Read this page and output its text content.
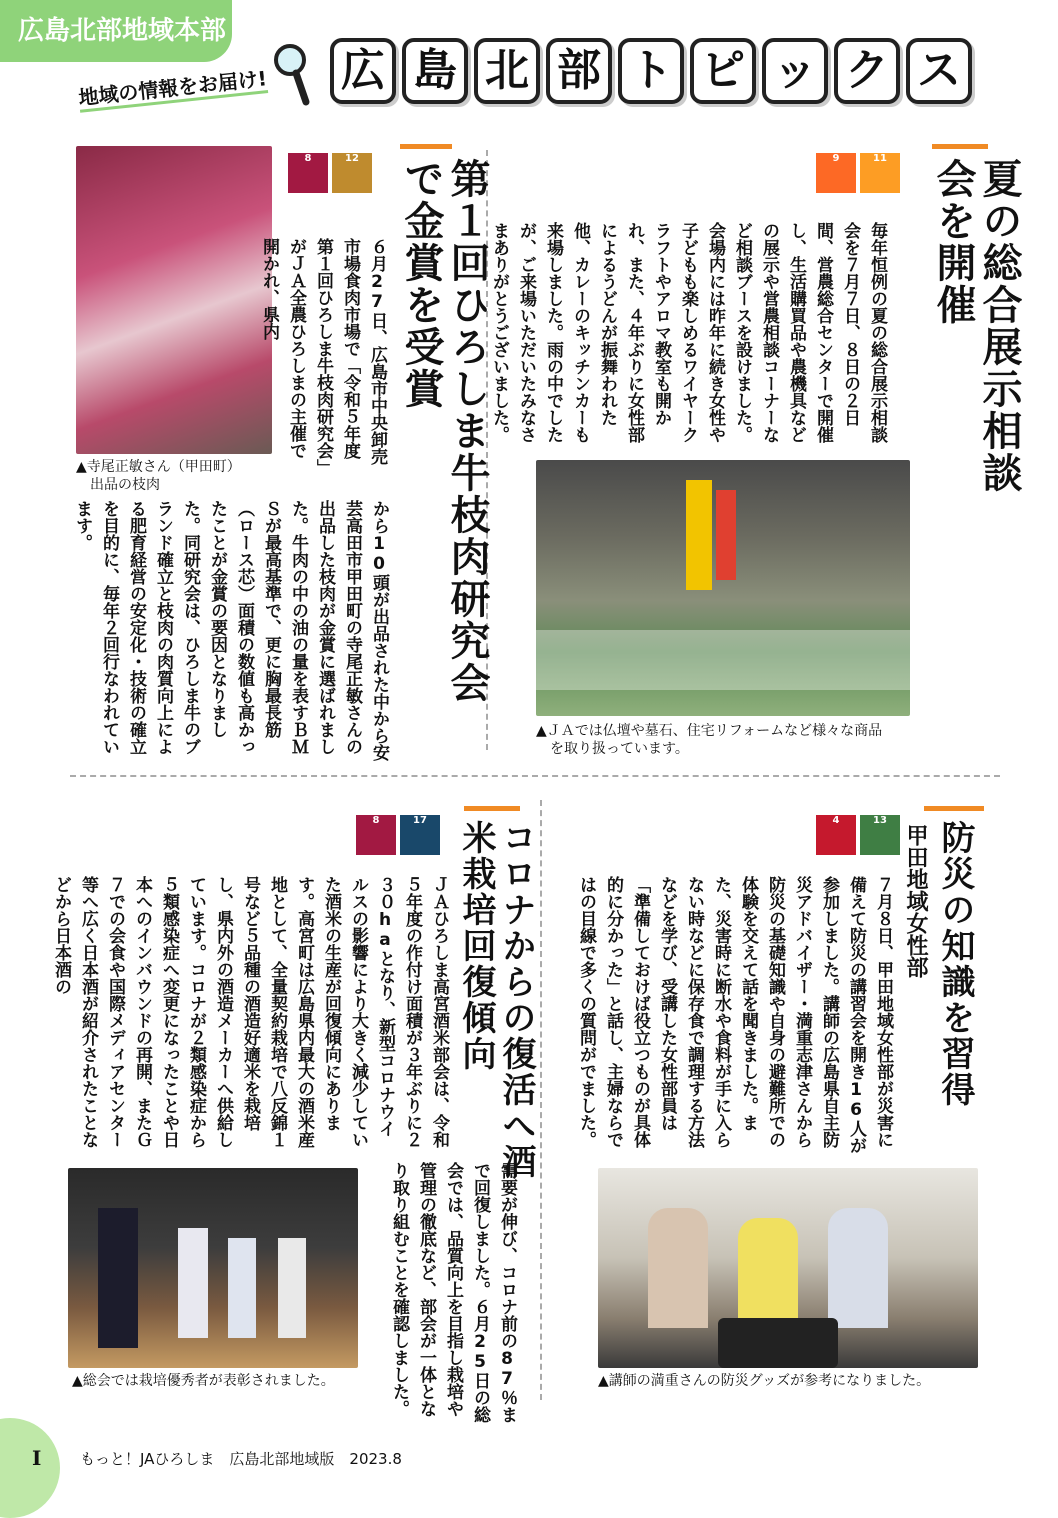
広島北部地域本部
地域の情報をお届け! 広 島 北 部 ト ピ ッ ク ス
▲寺尾正敏さん（甲田町）
出品の枝肉
8	12	第１回ひろしま牛枝肉研究会で金賞を受賞
６月27日、広島市中央卸売市場食肉市場で「令和５年度　第１回ひろしま牛枝肉研究会」がＪＡ全農ひろしまの主催で開かれ、県内
から10頭が出品された中から安芸高田市甲田町の寺尾正敏さんの出品した枝肉が金賞に選ばれました。牛肉の中の油の量を表すＢＭＳが最高基準で、更に胸最長筋（ロース芯）面積の数値も高かったことが金賞の要因となりました。同研究会は、ひろしま牛のブランド確立と枝肉の肉質向上による肥育経営の安定化・技術の確立を目的に、毎年２回行なわれています。
9	11	夏の総合展示相談会を開催
毎年恒例の夏の総合展示相談会を７月７日、８日の２日間、営農総合センターで開催し、生活購買品や農機具などの展示や営農相談コーナーなど相談ブースを設けました。会場内には昨年に続き女性や子どもも楽しめるワイヤークラフトやアロマ教室も開かれ、また、４年ぶりに女性部によるうどんが振舞われた他、カレーのキッチンカーも来場しました。雨の中でしたが、ご来場いただいたみなさまありがとうございました。
▲ＪＡでは仏壇や墓石、住宅リフォームなど様々な商品
を取り扱っています。
8	17	コロナからの復活へ酒米栽培回復傾向
ＪＡひろしま高宮酒米部会は、令和５年度の作付け面積が３年ぶりに２３０haとなり、新型コロナウイルスの影響により大きく減少していた酒米の生産が回復傾向にあります。高宮町は広島県内最大の酒米産地として、全量契約栽培で八反錦１号など５品種の酒造好適米を栽培し、県内外の酒造メーカーへ供給しています。コロナが２類感染症から５類感染症へ変更になったことや日本へのインバウンドの再開、またＧ７での会食や国際メディアセンター等へ広く日本酒が紹介されたことなどから日本酒の
需要が伸び、コロナ前の87％まで回復しました。６月25日の総会では、品質向上を目指し栽培や管理の徹底など、部会が一体となり取り組むことを確認しました。
▲総会では栽培優秀者が表彰されました。
4	13	防災の知識を習得
甲田地域女性部
７月８日、甲田地域女性部が災害に備えて防災の講習会を開き16人が参加しました。講師の広島県自主防災アドバイザー・満重志津さんから防災の基礎知識や自身の避難所での体験を交えて話を聞きました。また、災害時に断水や食料が手に入らない時などに保存食で調理する方法などを学び、受講した女性部員は「準備しておけば役立つものが具体的に分かった」と話し、主婦ならではの目線で多くの質問がでました。
▲講師の満重さんの防災グッズが参考になりました。
I	もっと！JAひろしま　広島北部地域版　2023.8
